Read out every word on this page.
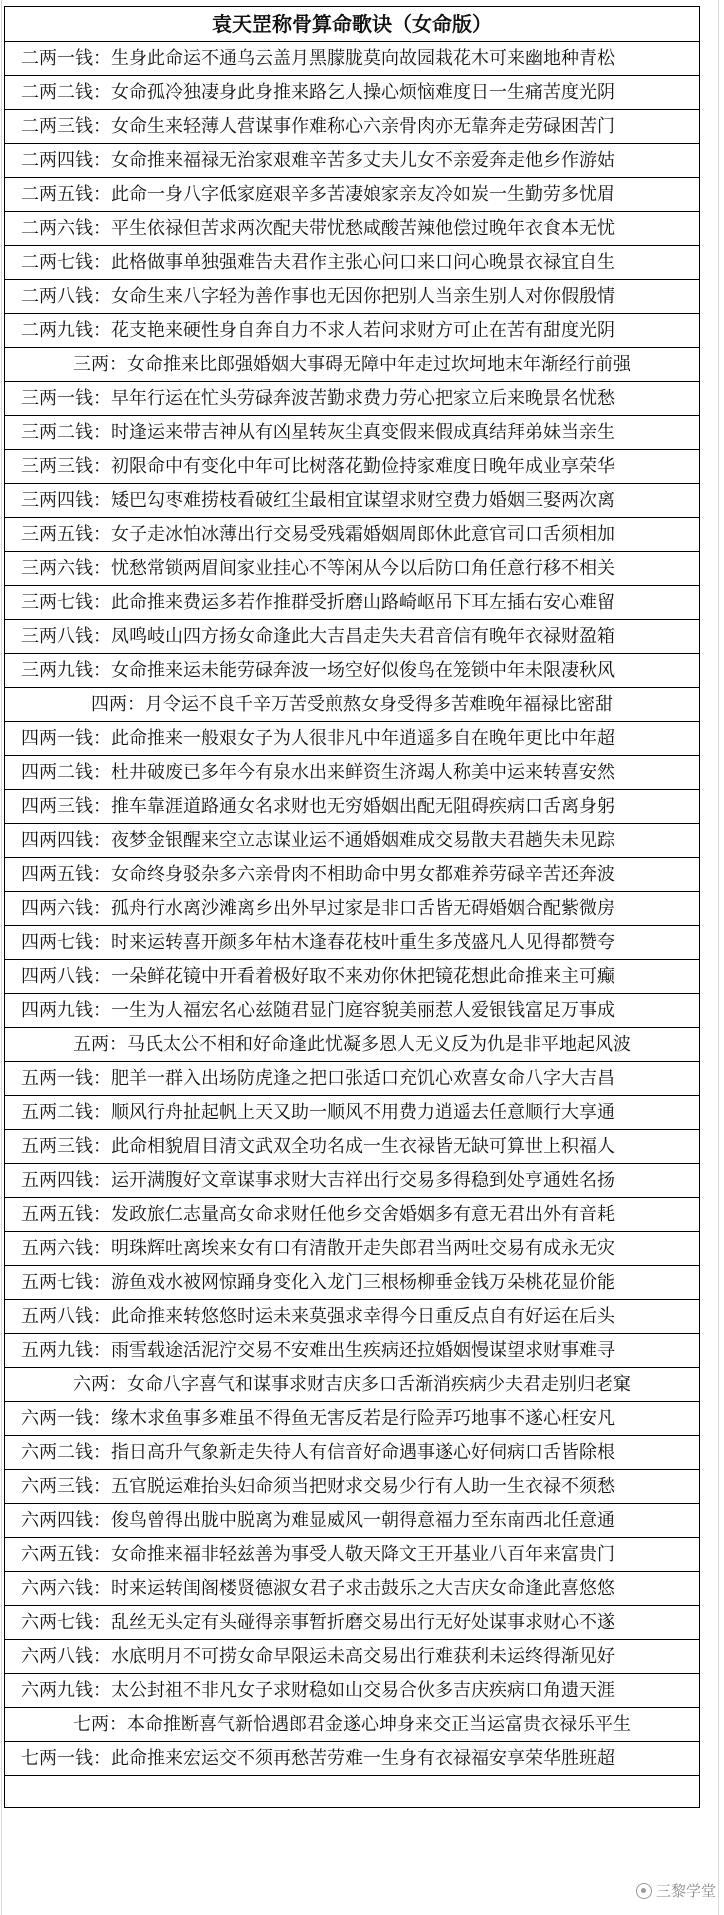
袁天罡称骨算命歌诀（女命版）
二两一钱：生身此命运不通乌云盖月黑朦胧莫向故园栽花木可来幽地种青松
二两二钱：女命孤冷独凄身此身推来路乞人操心烦恼难度日一生痛苦度光阴
二两三钱：女命生来轻薄人营谋事作难称心六亲骨肉亦无靠奔走劳碌困苦门
二两四钱：女命推来福禄无治家艰难辛苦多丈夫儿女不亲爱奔走他乡作游姑
二两五钱：此命一身八字低家庭艰辛多苦凄娘家亲友冷如炭一生勤劳多忧眉
二两六钱：平生依禄但苦求两次配夫带忧愁咸酸苦辣他偿过晚年衣食本无忧
二两七钱：此格做事单独强难告夫君作主张心问口来口问心晚景衣禄宜自生
二两八钱：女命生来八字轻为善作事也无因你把别人当亲生别人对你假殷情
二两九钱：花支艳来硬性身自奔自力不求人若问求财方可止在苦有甜度光阴
三两：女命推来比郎强婚姻大事碍无障中年走过坎坷地末年渐经行前强
三两一钱：早年行运在忙头劳碌奔波苦勤求费力劳心把家立后来晚景名忧愁
三两二钱：时逢运来带吉神从有凶星转灰尘真变假来假成真结拜弟妹当亲生
三两三钱：初限命中有变化中年可比树落花勤俭持家难度日晚年成业享荣华
三两四钱：矮巴勾枣难捞枝看破红尘最相宜谋望求财空费力婚姻三娶两次离
三两五钱：女子走冰怕冰薄出行交易受残霜婚姻周郎休此意官司口舌须相加
三两六钱：忧愁常锁两眉间家业挂心不等闲从今以后防口角任意行移不相关
三两七钱：此命推来费运多若作推群受折磨山路崎岖吊下耳左插右安心难留
三两八钱：凤鸣岐山四方扬女命逢此大吉昌走失夫君音信有晚年衣禄财盈箱
三两九钱：女命推来运未能劳碌奔波一场空好似俊鸟在笼锁中年未限凄秋风
四两：月令运不良千辛万苦受煎熬女身受得多苦难晚年福禄比密甜
四两一钱：此命推来一般艰女子为人很非凡中年逍遥多自在晚年更比中年超
四两二钱：杜井破废已多年今有泉水出来鲜资生济竭人称美中运来转喜安然
四两三钱：推车靠涯道路通女名求财也无穷婚姻出配无阻碍疾病口舌离身躬
四两四钱：夜梦金银醒来空立志谋业运不通婚姻难成交易散夫君趟失未见踪
四两五钱：女命终身驳杂多六亲骨肉不相助命中男女都难养劳碌辛苦还奔波
四两六钱：孤舟行水离沙滩离乡出外早过家是非口舌皆无碍婚姻合配紫微房
四两七钱：时来运转喜开颜多年枯木逢春花枝叶重生多茂盛凡人见得都赞夸
四两八钱：一朵鲜花镜中开看着极好取不来劝你休把镜花想此命推来主可癫
四两九钱：一生为人福宏名心兹随君显门庭容貌美丽惹人爱银钱富足万事成
五两：马氏太公不相和好命逢此忧凝多恩人无义反为仇是非平地起风波
五两一钱：肥羊一群入出场防虎逢之把口张适口充饥心欢喜女命八字大吉昌
五两二钱：顺风行舟扯起帆上天又助一顺风不用费力逍遥去任意顺行大享通
五两三钱：此命相貌眉目清文武双全功名成一生衣禄皆无缺可算世上积福人
五两四钱：运开满腹好文章谋事求财大吉祥出行交易多得稳到处亨通姓名扬
五两五钱：发政旅仁志量高女命求财任他乡交舍婚姻多有意无君出外有音耗
五两六钱：明珠辉吐离埃来女有口有清散开走失郎君当两吐交易有成永无灾
五两七钱：游鱼戏水被网惊踊身变化入龙门三根杨柳垂金钱万朵桃花显价能
五两八钱：此命推来转悠悠时运未来莫强求幸得今日重反点自有好运在后头
五两九钱：雨雪载途活泥泞交易不安难出生疾病还拉婚姻慢谋望求财事难寻
六两：女命八字喜气和谋事求财吉庆多口舌渐消疾病少夫君走别归老窠
六两一钱：缘木求鱼事多难虽不得鱼无害反若是行险弄巧地事不遂心枉安凡
六两二钱：指日高升气象新走失待人有信音好命遇事遂心好伺病口舌皆除根
六两三钱：五官脱运难抬头妇命须当把财求交易少行有人助一生衣禄不须愁
六两四钱：俊鸟曾得出胧中脱离为难显威风一朝得意福力至东南西北任意通
六两五钱：女命推来福非轻兹善为事受人敬天降文王开基业八百年来富贵门
六两六钱：时来运转闺阁楼贤德淑女君子求击鼓乐之大吉庆女命逢此喜悠悠
六两七钱：乱丝无头定有头碰得亲事暂折磨交易出行无好处谋事求财心不遂
六两八钱：水底明月不可捞女命早限运未高交易出行难获利未运终得渐见好
六两九钱：太公封祖不非凡女子求财稳如山交易合伙多吉庆疾病口角遗天涯
七两：本命推断喜气新恰遇郎君金遂心坤身来交正当运富贵衣禄乐平生
七两一钱：此命推来宏运交不须再愁苦劳难一生身有衣禄福安享荣华胜班超

三黎学堂
